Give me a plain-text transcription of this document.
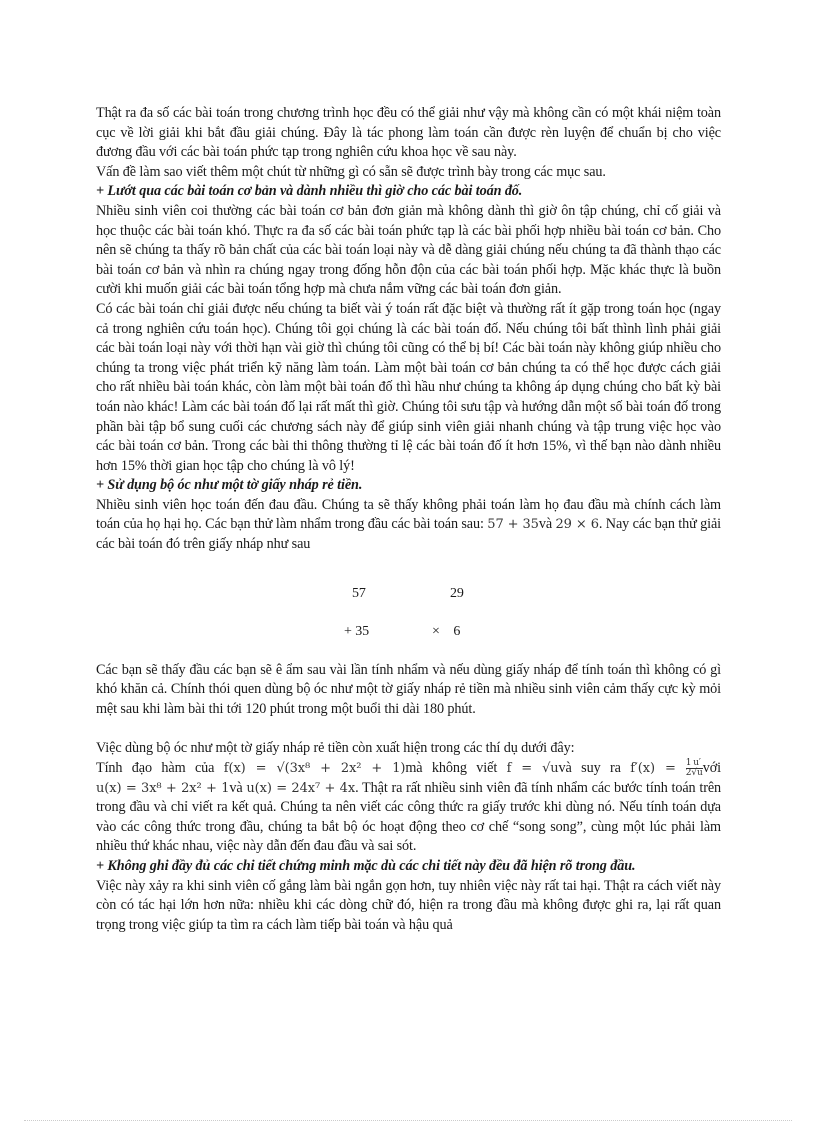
Thật ra đa số các bài toán trong chương trình học đều có thể giải như vậy mà không cần có một khái niệm toàn cục về lời giải khi bắt đầu giải chúng. Đây là tác phong làm toán cần được rèn luyện để chuẩn bị cho việc đương đầu với các bài toán phức tạp trong nghiên cứu khoa học về sau này.

Vấn đề làm sao viết thêm một chút từ những gì có sẵn sẽ được trình bày trong các mục sau.

+ Lướt qua các bài toán cơ bản và dành nhiều thì giờ cho các bài toán đố.

Nhiều sinh viên coi thường các bài toán cơ bản đơn giản mà không dành thì giờ ôn tập chúng, chỉ cố giải và học thuộc các bài toán khó. Thực ra đa số các bài toán phức tạp là các bài phối hợp nhiều bài toán cơ bản. Cho nên sẽ chúng ta thấy rõ bản chất của các bài toán loại này và dễ dàng giải chúng nếu chúng ta đã thành thạo các bài toán cơ bản và nhìn ra chúng ngay trong đống hỗn độn của các bài toán phối hợp. Mặc khác thực là buồn cười khi muốn giải các bài toán tổng hợp mà chưa nắm vững các bài toán đơn giản.

Có các bài toán chỉ giải được nếu chúng ta biết vài ý toán rất đặc biệt và thường rất ít gặp trong toán học (ngay cả trong nghiên cứu toán học). Chúng tôi gọi chúng là các bài toán đố. Nếu chúng tôi bất thình lình phải giải các bài toán loại này với thời hạn vài giờ thì chúng tôi cũng có thể bị bí! Các bài toán này không giúp nhiều cho chúng ta trong việc phát triển kỹ năng làm toán. Làm một bài toán cơ bản chúng ta có thể học được cách giải cho rất nhiều bài toán khác, còn làm một bài toán đố thì hầu như chúng ta không áp dụng chúng cho bất kỳ bài toán nào khác! Làm các bài toán đố lại rất mất thì giờ. Chúng tôi sưu tập và hướng dẫn một số bài toán đố trong phần bài tập bổ sung cuối các chương sách này để giúp sinh viên giải nhanh chúng và tập trung việc học vào các bài toán cơ bản. Trong các bài thi thông thường tỉ lệ các bài toán đố ít hơn 15%, vì thế bạn nào dành nhiều hơn 15% thời gian học tập cho chúng là vô lý!

+ Sử dụng bộ óc như một tờ giấy nháp rẻ tiền.

Nhiều sinh viên học toán đến đau đầu. Chúng ta sẽ thấy không phải toán làm họ đau đầu mà chính cách làm toán của họ hại họ. Các bạn thử làm nhẩm trong đầu các bài toán sau: 57 + 35và 29 × 6. Nay các bạn thử giải các bài toán đó trên giấy nháp như sau

57
+ 35
29
×    6

Các bạn sẽ thấy đầu các bạn sẽ ê ẩm sau vài lần tính nhẩm và nếu dùng giấy nháp để tính toán thì không có gì khó khăn cả. Chính thói quen dùng bộ óc như một tờ giấy nháp rẻ tiền mà nhiều sinh viên cảm thấy cực kỳ mỏi mệt sau khi làm bài thi tới 120 phút trong một buổi thi dài 180 phút.

Việc dùng bộ óc như một tờ giấy nháp rẻ tiền còn xuất hiện trong các thí dụ dưới đây:

Tính đạo hàm của f(x) = √(3x⁸ + 2x² + 1)mà không viết f = √uvà suy ra $f'(x) = \frac{1}{2} \frac{u'}{√u}$ với u(x) = 3x⁸ + 2x² + 1và u(x) = 24x⁷ + 4x. Thật ra rất nhiều sinh viên đã tính nhẩm các bước tính toán trên trong đầu và chỉ viết ra kết quả. Chúng ta nên viết các công thức ra giấy trước khi dùng nó. Nếu tính toán dựa vào các công thức trong đầu, chúng ta bắt bộ óc hoạt động theo cơ chế “song song”, cùng một lúc phải làm nhiều thứ khác nhau, việc này dẫn đến đau đầu và sai sót.

+ Không ghi đầy đủ các chi tiết chứng minh mặc dù các chi tiết này đều đã hiện rõ trong đầu.

Việc này xảy ra khi sinh viên cố gắng làm bài ngắn gọn hơn, tuy nhiên việc này rất tai hại. Thật ra cách viết này còn có tác hại lớn hơn nữa: nhiều khi các dòng chữ đó, hiện ra trong đầu mà không được ghi ra, lại rất quan trọng trong việc giúp ta tìm ra cách làm tiếp bài toán và hậu quả
